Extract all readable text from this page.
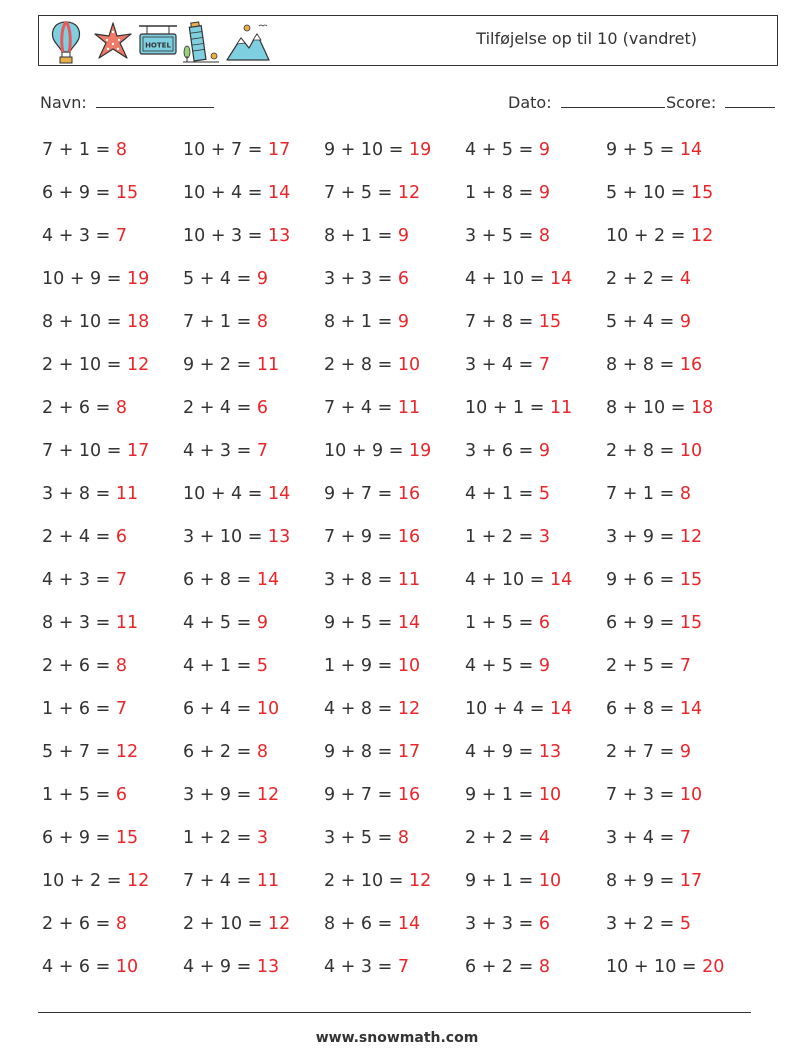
HOTEL	Tilføjelse op til 10 (vandret)
Navn:	Dato:	Score:
7 + 1 = 8	10 + 7 = 17 9 + 10 = 19 4 + 5 = 9	9 + 5 = 14
6 + 9 = 15	10 + 4 = 14 7 + 5 = 12	1 + 8 = 9	5 + 10 = 15
4 + 3 = 7	10 + 3 = 13 8 + 1 = 9	3 + 5 = 8	10 + 2 = 12
10 + 9 = 19 5 + 4 = 9	3 + 3 = 6	4 + 10 = 14 2 + 2 = 4
8 + 10 = 18 7 + 1 = 8	8 + 1 = 9	7 + 8 = 15	5 + 4 = 9
2 + 10 = 12 9 + 2 = 11	2 + 8 = 10	3 + 4 = 7	8 + 8 = 16
2 + 6 = 8	2 + 4 = 6	7 + 4 = 11	10 + 1 = 11 8 + 10 = 18
7 + 10 = 17 4 + 3 = 7	10 + 9 = 19 3 + 6 = 9	2 + 8 = 10
3 + 8 = 11	10 + 4 = 14 9 + 7 = 16	4 + 1 = 5	7 + 1 = 8
2 + 4 = 6	3 + 10 = 13 7 + 9 = 16	1 + 2 = 3	3 + 9 = 12
4 + 3 = 7	6 + 8 = 14	3 + 8 = 11	4 + 10 = 14 9 + 6 = 15
8 + 3 = 11	4 + 5 = 9	9 + 5 = 14	1 + 5 = 6	6 + 9 = 15
2 + 6 = 8	4 + 1 = 5	1 + 9 = 10	4 + 5 = 9	2 + 5 = 7
1 + 6 = 7	6 + 4 = 10	4 + 8 = 12	10 + 4 = 14 6 + 8 = 14
5 + 7 = 12	6 + 2 = 8	9 + 8 = 17	4 + 9 = 13	2 + 7 = 9
1 + 5 = 6	3 + 9 = 12	9 + 7 = 16	9 + 1 = 10	7 + 3 = 10
6 + 9 = 15	1 + 2 = 3	3 + 5 = 8	2 + 2 = 4	3 + 4 = 7
10 + 2 = 12 7 + 4 = 11	2 + 10 = 12 9 + 1 = 10	8 + 9 = 17
2 + 6 = 8	2 + 10 = 12 8 + 6 = 14	3 + 3 = 6	3 + 2 = 5
4 + 6 = 10	4 + 9 = 13	4 + 3 = 7	6 + 2 = 8	10 + 10 = 20
www.snowmath.com
